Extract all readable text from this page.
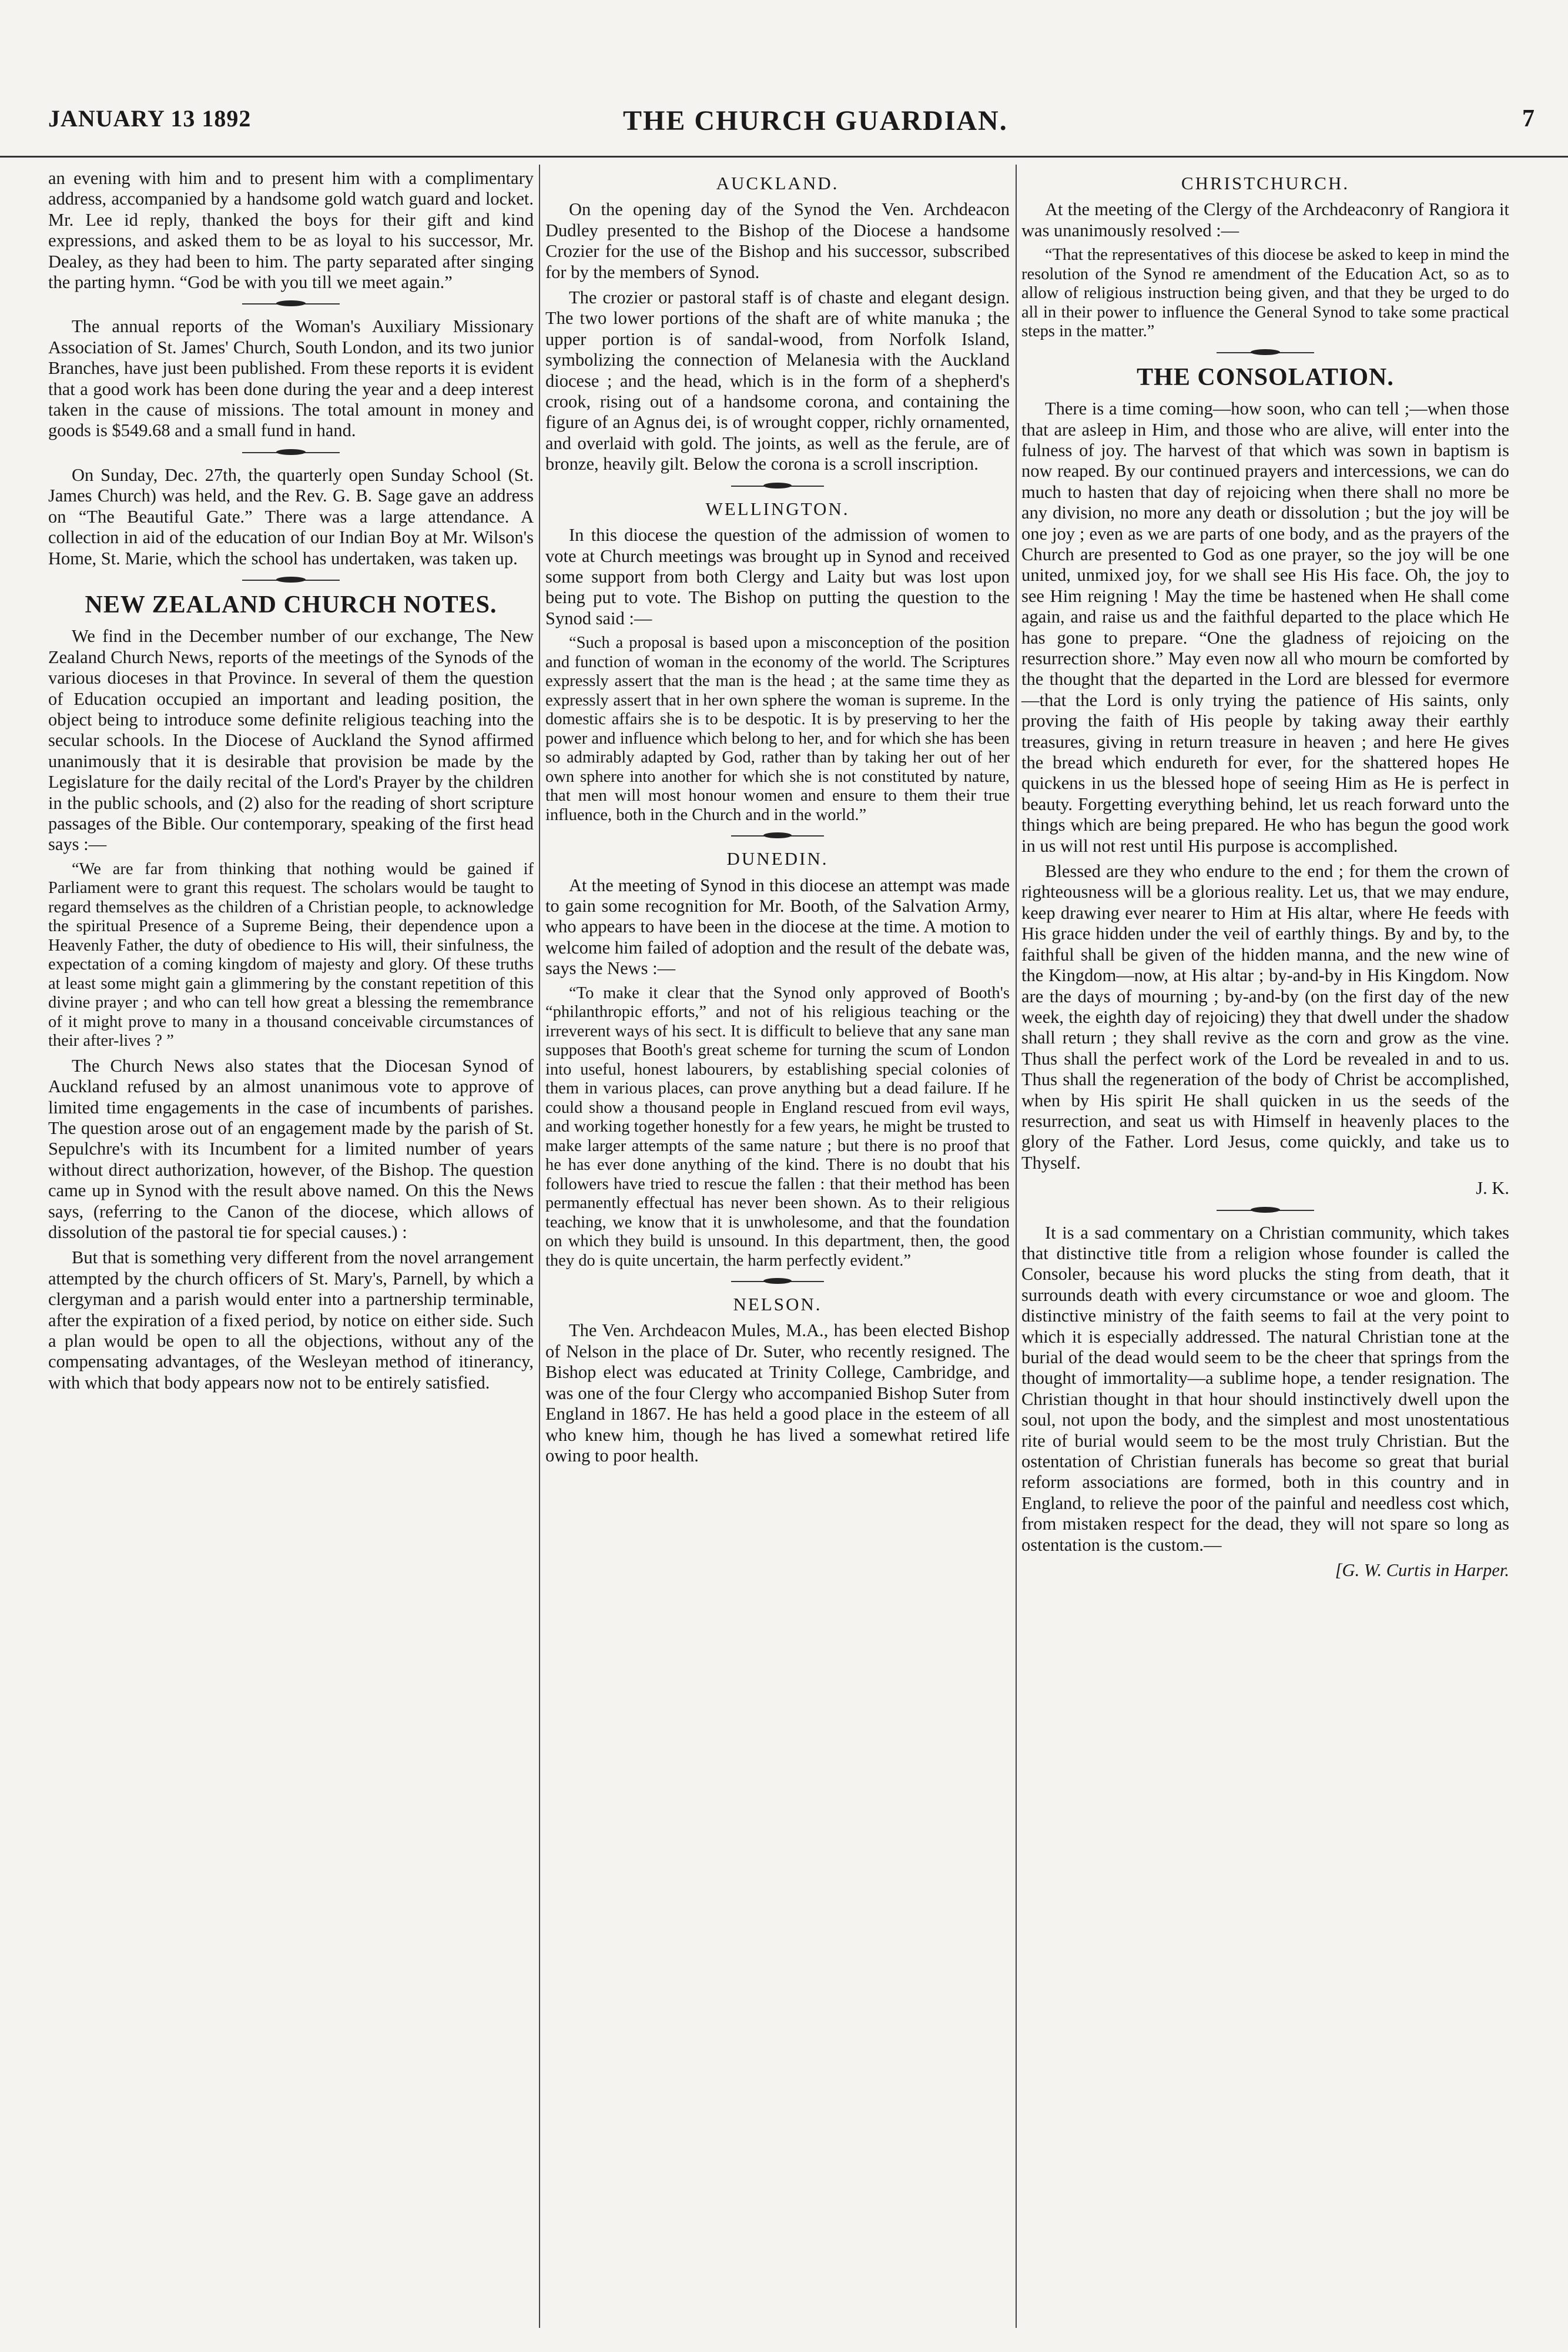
JANUARY 13 1892	THE CHURCH GUARDIAN.	7

an evening with him and to present him with a complimentary address, accompanied by a handsome gold watch guard and locket. Mr. Lee id reply, thanked the boys for their gift and kind expressions, and asked them to be as loyal to his successor, Mr. Dealey, as they had been to him. The party separated after singing the parting hymn. “God be with you till we meet again.”

The annual reports of the Woman's Auxiliary Missionary Association of St. James' Church, South London, and its two junior Branches, have just been published. From these reports it is evident that a good work has been done during the year and a deep interest taken in the cause of missions. The total amount in money and goods is $549.68 and a small fund in hand.

On Sunday, Dec. 27th, the quarterly open Sunday School (St. James Church) was held, and the Rev. G. B. Sage gave an address on “The Beautiful Gate.” There was a large attendance. A collection in aid of the education of our Indian Boy at Mr. Wilson's Home, St. Marie, which the school has undertaken, was taken up.

NEW ZEALAND CHURCH NOTES.

We find in the December number of our exchange, The New Zealand Church News, reports of the meetings of the Synods of the various dioceses in that Province. In several of them the question of Education occupied an important and leading position, the object being to introduce some definite religious teaching into the secular schools. In the Diocese of Auckland the Synod affirmed unanimously that it is desirable that provision be made by the Legislature for the daily recital of the Lord's Prayer by the children in the public schools, and (2) also for the reading of short scripture passages of the Bible. Our contemporary, speaking of the first head says :—

“We are far from thinking that nothing would be gained if Parliament were to grant this request. The scholars would be taught to regard themselves as the children of a Christian people, to acknowledge the spiritual Presence of a Supreme Being, their dependence upon a Heavenly Father, the duty of obedience to His will, their sinfulness, the expectation of a coming kingdom of majesty and glory. Of these truths at least some might gain a glimmering by the constant repetition of this divine prayer ; and who can tell how great a blessing the remembrance of it might prove to many in a thousand conceivable circumstances of their after-lives ? ”

The Church News also states that the Diocesan Synod of Auckland refused by an almost unanimous vote to approve of limited time engagements in the case of incumbents of parishes. The question arose out of an engagement made by the parish of St. Sepulchre's with its Incumbent for a limited number of years without direct authorization, however, of the Bishop. The question came up in Synod with the result above named. On this the News says, (referring to the Canon of the diocese, which allows of dissolution of the pastoral tie for special causes.) :

But that is something very different from the novel arrangement attempted by the church officers of St. Mary's, Parnell, by which a clergyman and a parish would enter into a partnership terminable, after the expiration of a fixed period, by notice on either side. Such a plan would be open to all the objections, without any of the compensating advantages, of the Wesleyan method of itinerancy, with which that body appears now not to be entirely satisfied.

AUCKLAND.

On the opening day of the Synod the Ven. Archdeacon Dudley presented to the Bishop of the Diocese a handsome Crozier for the use of the Bishop and his successor, subscribed for by the members of Synod.

The crozier or pastoral staff is of chaste and elegant design. The two lower portions of the shaft are of white manuka ; the upper portion is of sandal-wood, from Norfolk Island, symbolizing the connection of Melanesia with the Auckland diocese ; and the head, which is in the form of a shepherd's crook, rising out of a handsome corona, and containing the figure of an Agnus dei, is of wrought copper, richly ornamented, and overlaid with gold. The joints, as well as the ferule, are of bronze, heavily gilt. Below the corona is a scroll inscription.

WELLINGTON.

In this diocese the question of the admission of women to vote at Church meetings was brought up in Synod and received some support from both Clergy and Laity but was lost upon being put to vote. The Bishop on putting the question to the Synod said :—

“Such a proposal is based upon a misconception of the position and function of woman in the economy of the world. The Scriptures expressly assert that the man is the head ; at the same time they as expressly assert that in her own sphere the woman is supreme. In the domestic affairs she is to be despotic. It is by preserving to her the power and influence which belong to her, and for which she has been so admirably adapted by God, rather than by taking her out of her own sphere into another for which she is not constituted by nature, that men will most honour women and ensure to them their true influence, both in the Church and in the world.”

DUNEDIN.

At the meeting of Synod in this diocese an attempt was made to gain some recognition for Mr. Booth, of the Salvation Army, who appears to have been in the diocese at the time. A motion to welcome him failed of adoption and the result of the debate was, says the News :—

“To make it clear that the Synod only approved of Booth's “philanthropic efforts,” and not of his religious teaching or the irreverent ways of his sect. It is difficult to believe that any sane man supposes that Booth's great scheme for turning the scum of London into useful, honest labourers, by establishing special colonies of them in various places, can prove anything but a dead failure. If he could show a thousand people in England rescued from evil ways, and working together honestly for a few years, he might be trusted to make larger attempts of the same nature ; but there is no proof that he has ever done anything of the kind. There is no doubt that his followers have tried to rescue the fallen : that their method has been permanently effectual has never been shown. As to their religious teaching, we know that it is unwholesome, and that the foundation on which they build is unsound. In this department, then, the good they do is quite uncertain, the harm perfectly evident.”

NELSON.

The Ven. Archdeacon Mules, M.A., has been elected Bishop of Nelson in the place of Dr. Suter, who recently resigned. The Bishop elect was educated at Trinity College, Cambridge, and was one of the four Clergy who accompanied Bishop Suter from England in 1867. He has held a good place in the esteem of all who knew him, though he has lived a somewhat retired life owing to poor health.

CHRISTCHURCH.

At the meeting of the Clergy of the Archdeaconry of Rangiora it was unanimously resolved :—

“That the representatives of this diocese be asked to keep in mind the resolution of the Synod re amendment of the Education Act, so as to allow of religious instruction being given, and that they be urged to do all in their power to influence the General Synod to take some practical steps in the matter.”

THE CONSOLATION.

There is a time coming—how soon, who can tell ;—when those that are asleep in Him, and those who are alive, will enter into the fulness of joy. The harvest of that which was sown in baptism is now reaped. By our continued prayers and intercessions, we can do much to hasten that day of rejoicing when there shall no more be any division, no more any death or dissolution ; but the joy will be one joy ; even as we are parts of one body, and as the prayers of the Church are presented to God as one prayer, so the joy will be one united, unmixed joy, for we shall see His His face. Oh, the joy to see Him reigning ! May the time be hastened when He shall come again, and raise us and the faithful departed to the place which He has gone to prepare. “One the gladness of rejoicing on the resurrection shore.” May even now all who mourn be comforted by the thought that the departed in the Lord are blessed for evermore—that the Lord is only trying the patience of His saints, only proving the faith of His people by taking away their earthly treasures, giving in return treasure in heaven ; and here He gives the bread which endureth for ever, for the shattered hopes He quickens in us the blessed hope of seeing Him as He is perfect in beauty. Forgetting everything behind, let us reach forward unto the things which are being prepared. He who has begun the good work in us will not rest until His purpose is accomplished.

Blessed are they who endure to the end ; for them the crown of righteousness will be a glorious reality. Let us, that we may endure, keep drawing ever nearer to Him at His altar, where He feeds with His grace hidden under the veil of earthly things. By and by, to the faithful shall be given of the hidden manna, and the new wine of the Kingdom—now, at His altar ; by-and-by in His Kingdom. Now are the days of mourning ; by-and-by (on the first day of the new week, the eighth day of rejoicing) they that dwell under the shadow shall return ; they shall revive as the corn and grow as the vine. Thus shall the perfect work of the Lord be revealed in and to us. Thus shall the regeneration of the body of Christ be accomplished, when by His spirit He shall quicken in us the seeds of the resurrection, and seat us with Himself in heavenly places to the glory of the Father. Lord Jesus, come quickly, and take us to Thyself.

J. K.

It is a sad commentary on a Christian community, which takes that distinctive title from a religion whose founder is called the Consoler, because his word plucks the sting from death, that it surrounds death with every circumstance or woe and gloom. The distinctive ministry of the faith seems to fail at the very point to which it is especially addressed. The natural Christian tone at the burial of the dead would seem to be the cheer that springs from the thought of immortality—a sublime hope, a tender resignation. The Christian thought in that hour should instinctively dwell upon the soul, not upon the body, and the simplest and most unostentatious rite of burial would seem to be the most truly Christian. But the ostentation of Christian funerals has become so great that burial reform associations are formed, both in this country and in England, to relieve the poor of the painful and needless cost which, from mistaken respect for the dead, they will not spare so long as ostentation is the custom.—

[G. W. Curtis in Harper.
